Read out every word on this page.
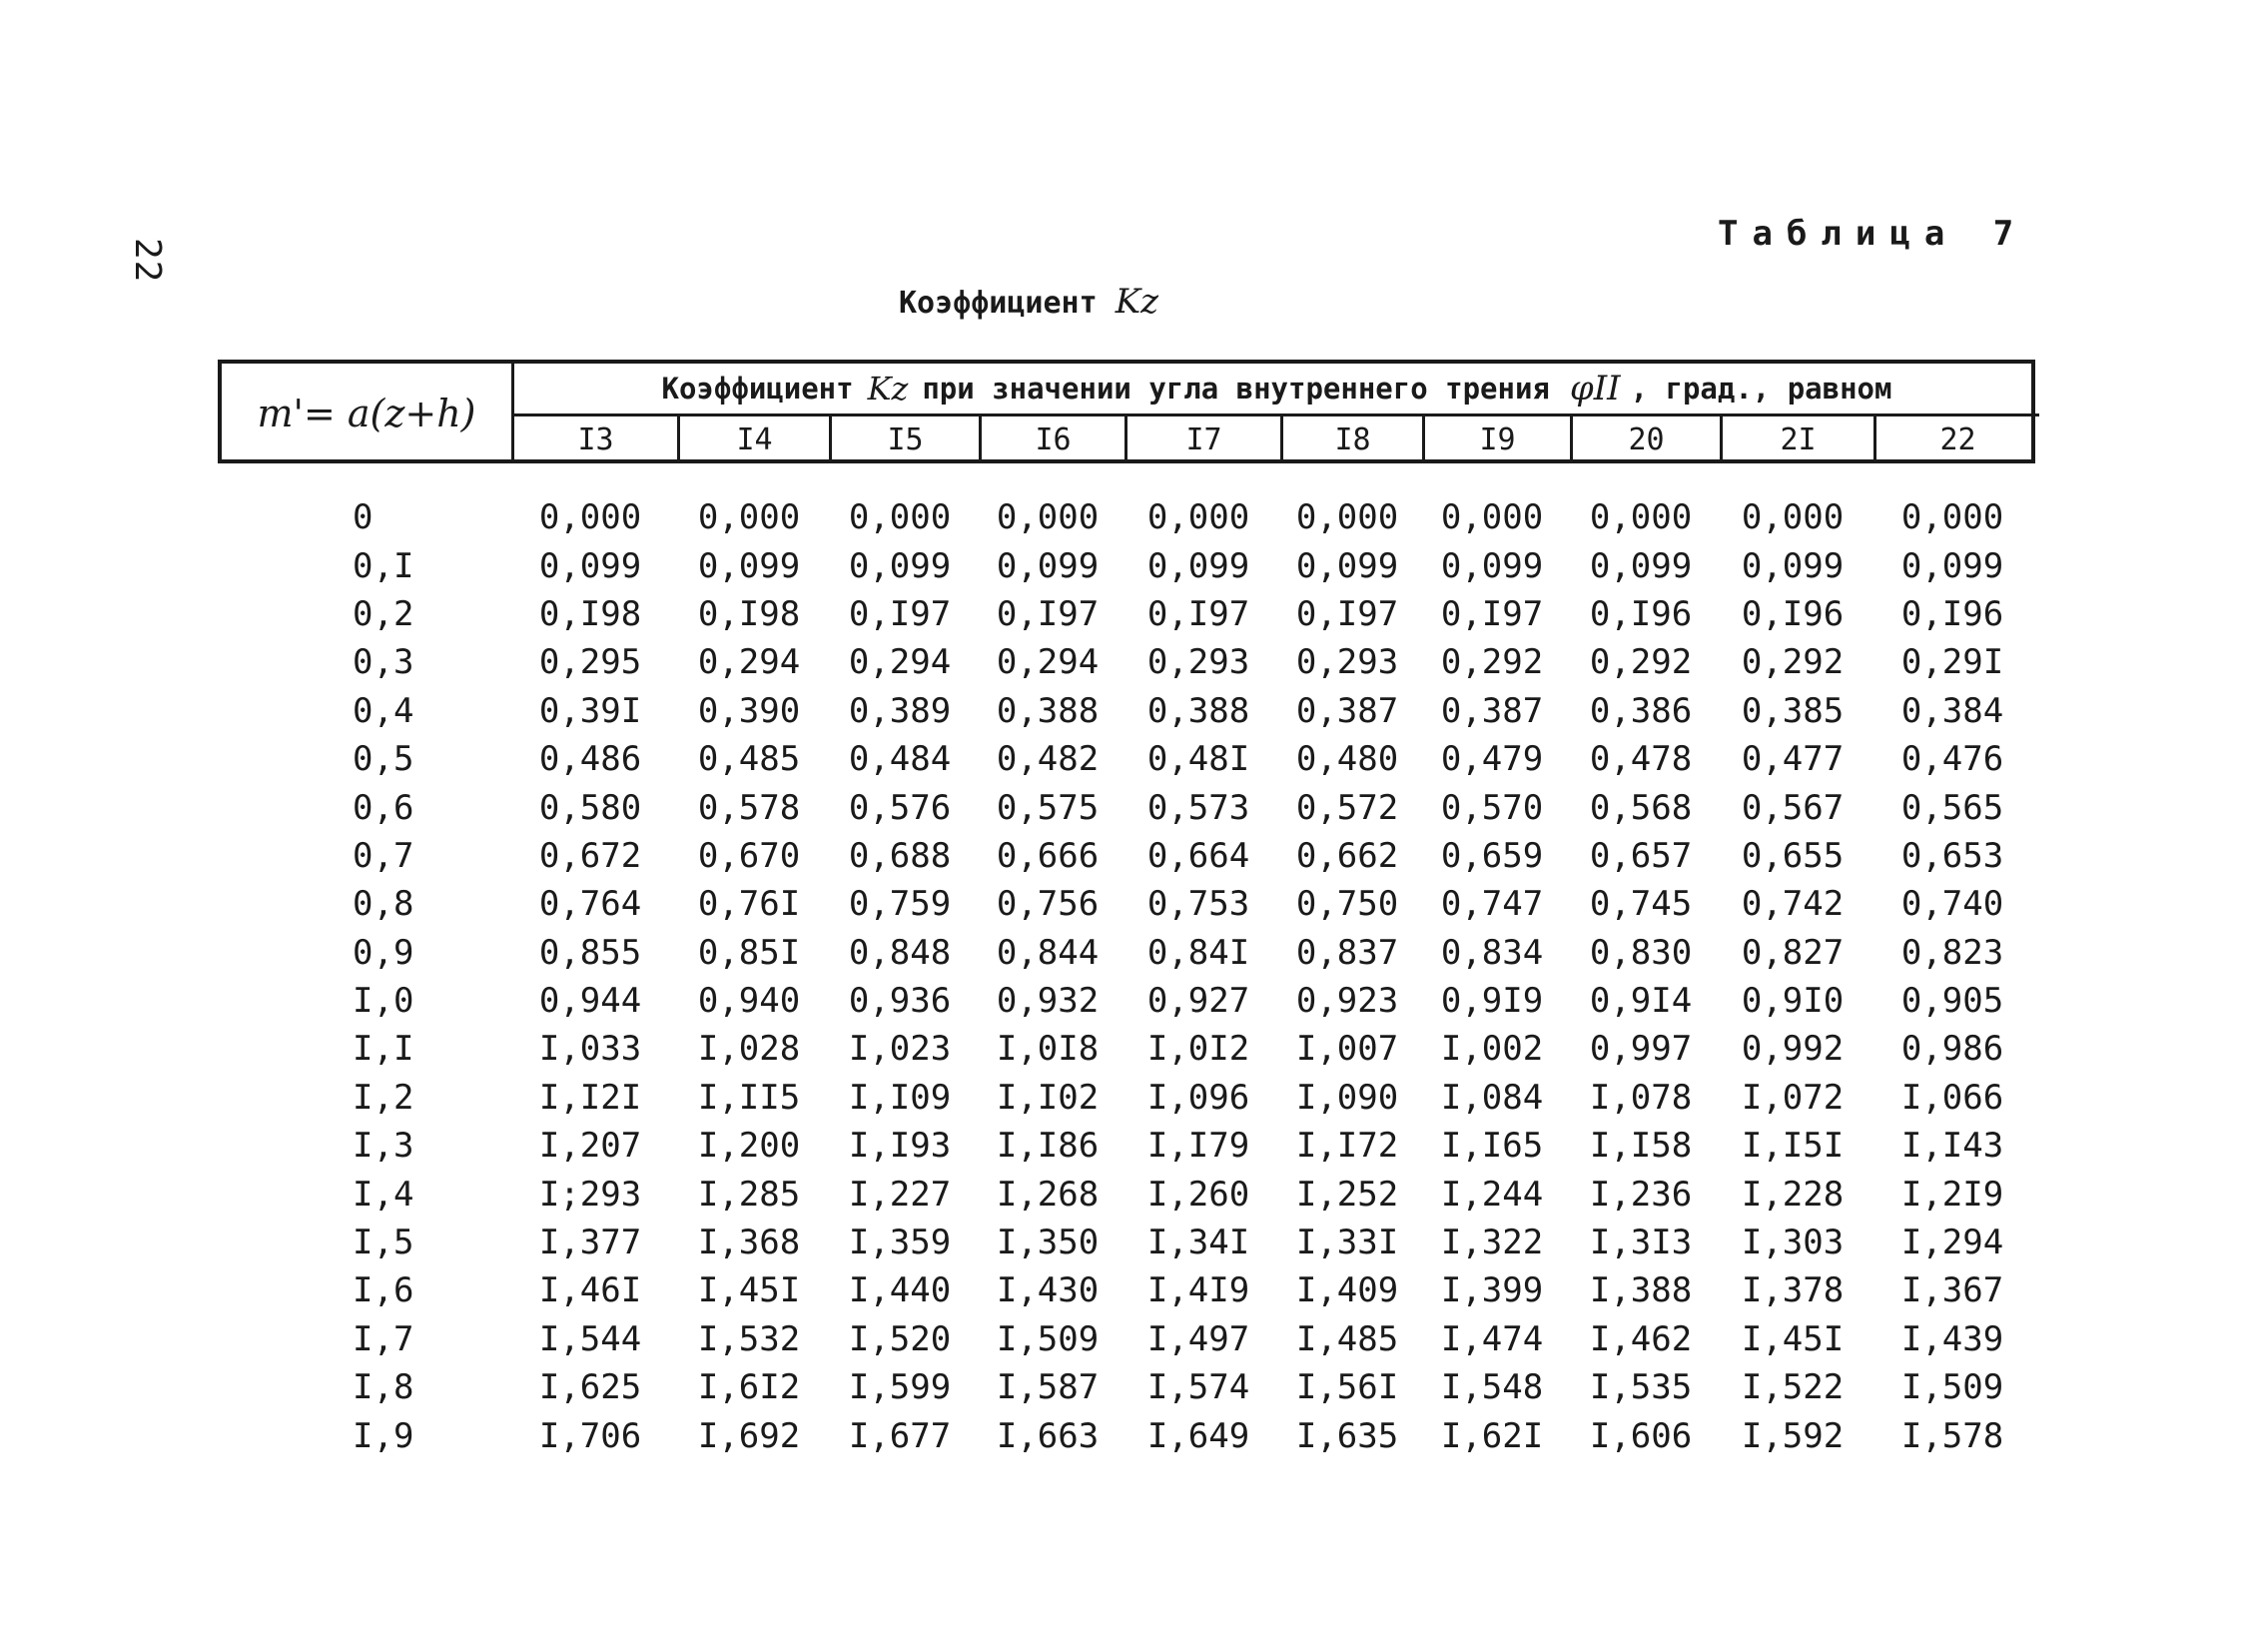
22
Таблица 7
Коэффициент Kz
m'= a(z+h)
Коэффициент Kz при значении угла внутреннего трения φII , град., равном
I3	I4	I5	I6	I7	I8	I9	20	2I	22
0	0,000	0,000	0,000	0,000	0,000	0,000	0,000	0,000	0,000	0,000
0,I	0,099	0,099	0,099	0,099	0,099	0,099	0,099	0,099	0,099	0,099
0,2	0,I98	0,I98	0,I97	0,I97	0,I97	0,I97	0,I97	0,I96	0,I96	0,I96
0,3	0,295	0,294	0,294	0,294	0,293	0,293	0,292	0,292	0,292	0,29I
0,4	0,39I	0,390	0,389	0,388	0,388	0,387	0,387	0,386	0,385	0,384
0,5	0,486	0,485	0,484	0,482	0,48I	0,480	0,479	0,478	0,477	0,476
0,6	0,580	0,578	0,576	0,575	0,573	0,572	0,570	0,568	0,567	0,565
0,7	0,672	0,670	0,688	0,666	0,664	0,662	0,659	0,657	0,655	0,653
0,8	0,764	0,76I	0,759	0,756	0,753	0,750	0,747	0,745	0,742	0,740
0,9	0,855	0,85I	0,848	0,844	0,84I	0,837	0,834	0,830	0,827	0,823
I,0	0,944	0,940	0,936	0,932	0,927	0,923	0,9I9	0,9I4	0,9I0	0,905
I,I	I,033	I,028	I,023	I,0I8	I,0I2	I,007	I,002	0,997	0,992	0,986
I,2	I,I2I	I,II5	I,I09	I,I02	I,096	I,090	I,084	I,078	I,072	I,066
I,3	I,207	I,200	I,I93	I,I86	I,I79	I,I72	I,I65	I,I58	I,I5I	I,I43
I,4	I;293	I,285	I,227	I,268	I,260	I,252	I,244	I,236	I,228	I,2I9
I,5	I,377	I,368	I,359	I,350	I,34I	I,33I	I,322	I,3I3	I,303	I,294
I,6	I,46I	I,45I	I,440	I,430	I,4I9	I,409	I,399	I,388	I,378	I,367
I,7	I,544	I,532	I,520	I,509	I,497	I,485	I,474	I,462	I,45I	I,439
I,8	I,625	I,6I2	I,599	I,587	I,574	I,56I	I,548	I,535	I,522	I,509
I,9	I,706	I,692	I,677	I,663	I,649	I,635	I,62I	I,606	I,592	I,578
